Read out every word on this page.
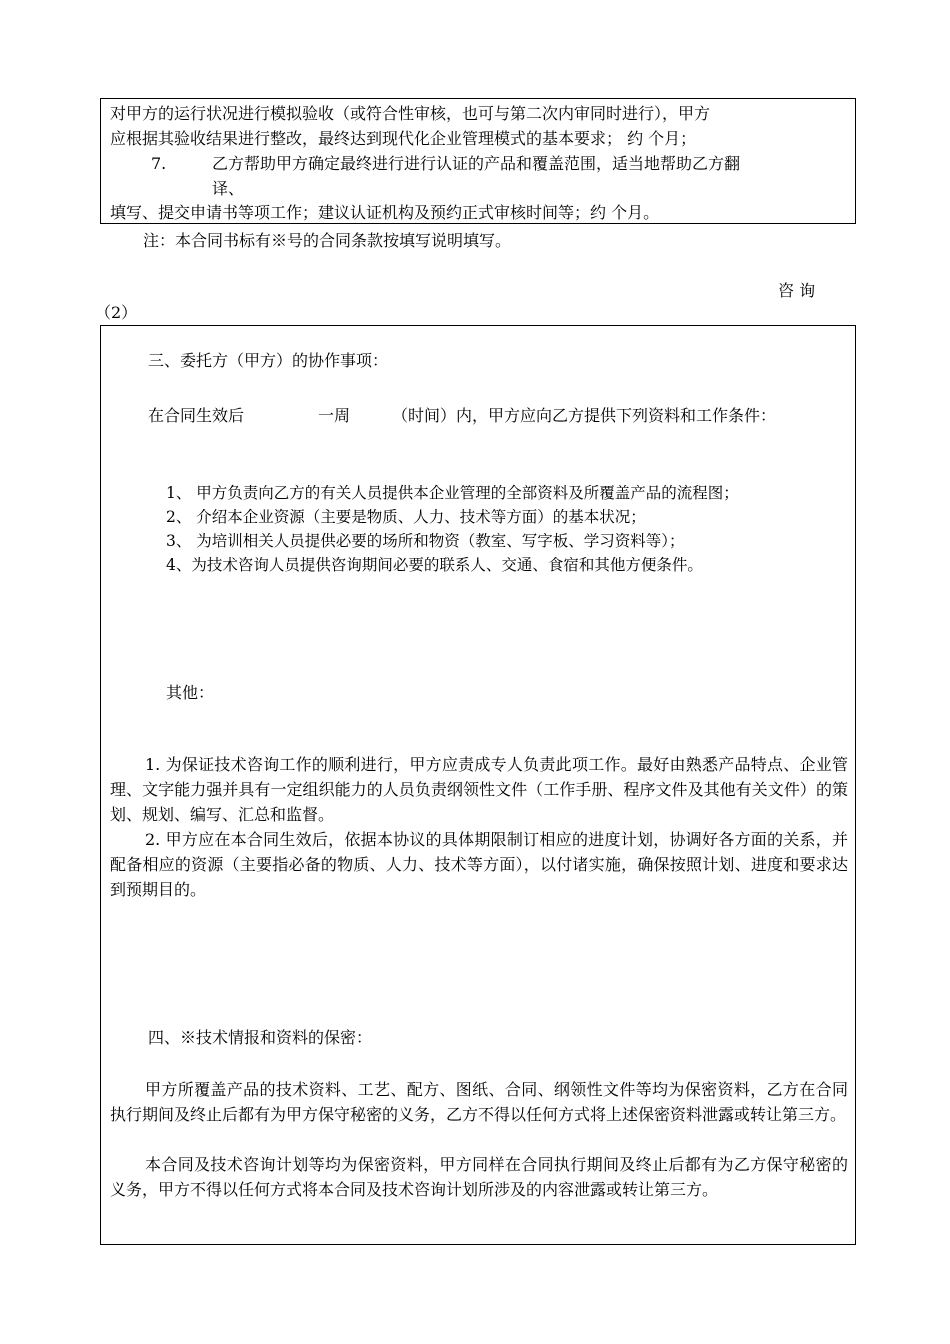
对甲方的运行状况进行模拟验收（或符合性审核，也可与第二次内审同时进行），甲方
应根据其验收结果进行整改，最终达到现代化企业管理模式的基本要求； 约 个月；
7.	乙方帮助甲方确定最终进行进行认证的产品和覆盖范围，适当地帮助乙方翻
译、
填写、提交申请书等项工作；建议认证机构及预约正式审核时间等；约 个月。
注：本合同书标有※号的合同条款按填写说明填写。
咨 询
（2）
三、委托方（甲方）的协作事项：
在合同生效后	一周	（时间）内，甲方应向乙方提供下列资料和工作条件：
1、 甲方负责向乙方的有关人员提供本企业管理的全部资料及所覆盖产品的流程图；
2、 介绍本企业资源（主要是物质、人力、技术等方面）的基本状况；
3、 为培训相关人员提供必要的场所和物资（教室、写字板、学习资料等）；
4、为技术咨询人员提供咨询期间必要的联系人、交通、食宿和其他方便条件。
其他：
1. 为保证技术咨询工作的顺利进行，甲方应责成专人负责此项工作。最好由熟悉产品特点、企业管理、文字能力强并具有一定组织能力的人员负责纲领性文件（工作手册、程序文件及其他有关文件）的策划、规划、编写、汇总和监督。
2. 甲方应在本合同生效后，依据本协议的具体期限制订相应的进度计划，协调好各方面的关系，并配备相应的资源（主要指必备的物质、人力、技术等方面），以付诸实施，确保按照计划、进度和要求达到预期目的。
四、※技术情报和资料的保密：
甲方所覆盖产品的技术资料、工艺、配方、图纸、合同、纲领性文件等均为保密资料，乙方在合同执行期间及终止后都有为甲方保守秘密的义务，乙方不得以任何方式将上述保密资料泄露或转让第三方。
本合同及技术咨询计划等均为保密资料，甲方同样在合同执行期间及终止后都有为乙方保守秘密的义务，甲方不得以任何方式将本合同及技术咨询计划所涉及的内容泄露或转让第三方。
